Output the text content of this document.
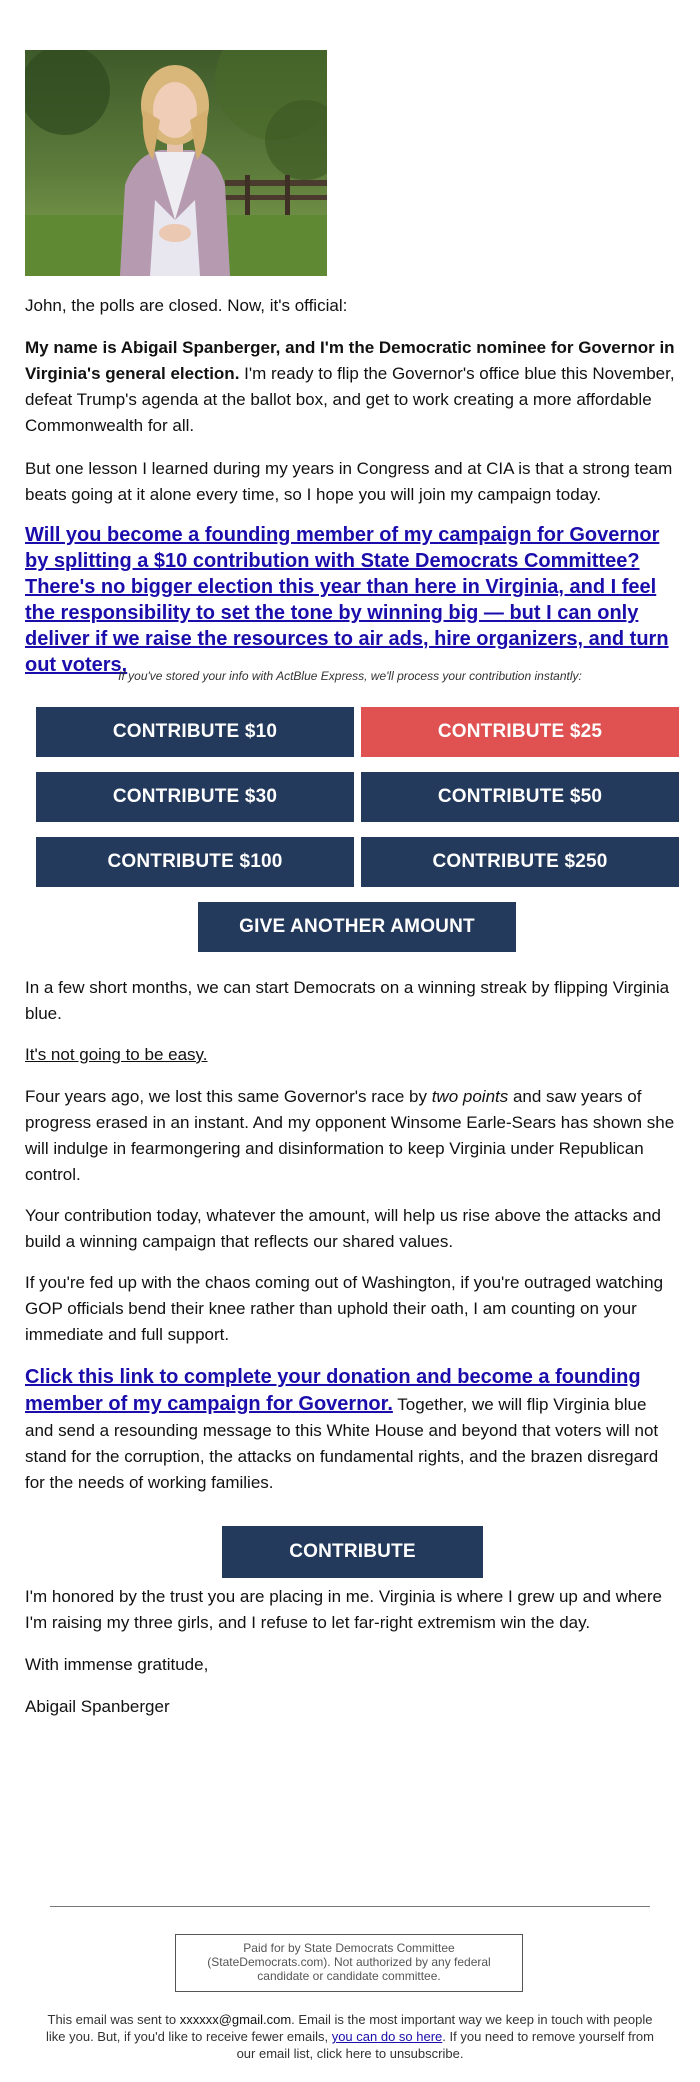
John, the polls are closed. Now, it's official:

My name is Abigail Spanberger, and I'm the Democratic nominee for Governor in Virginia's general election. I'm ready to flip the Governor's office blue this November, defeat Trump's agenda at the ballot box, and get to work creating a more affordable Commonwealth for all.

But one lesson I learned during my years in Congress and at CIA is that a strong team beats going at it alone every time, so I hope you will join my campaign today.

Will you become a founding member of my campaign for Governor by splitting a $10 contribution with State Democrats Committee? There's no bigger election this year than here in Virginia, and I feel the responsibility to set the tone by winning big — but I can only deliver if we raise the resources to air ads, hire organizers, and turn out voters.
If you've stored your info with ActBlue Express, we'll process your contribution instantly:
CONTRIBUTE $10	CONTRIBUTE $25
CONTRIBUTE $30	CONTRIBUTE $50
CONTRIBUTE $100	CONTRIBUTE $250
GIVE ANOTHER AMOUNT

In a few short months, we can start Democrats on a winning streak by flipping Virginia blue.

It's not going to be easy.

Four years ago, we lost this same Governor's race by two points and saw years of progress erased in an instant. And my opponent Winsome Earle-Sears has shown she will indulge in fearmongering and disinformation to keep Virginia under Republican control.

Your contribution today, whatever the amount, will help us rise above the attacks and build a winning campaign that reflects our shared values.

If you're fed up with the chaos coming out of Washington, if you're outraged watching GOP officials bend their knee rather than uphold their oath, I am counting on your immediate and full support.

Click this link to complete your donation and become a founding member of my campaign for Governor. Together, we will flip Virginia blue and send a resounding message to this White House and beyond that voters will not stand for the corruption, the attacks on fundamental rights, and the brazen disregard for the needs of working families.

CONTRIBUTE

I'm honored by the trust you are placing in me. Virginia is where I grew up and where I'm raising my three girls, and I refuse to let far-right extremism win the day.

With immense gratitude,

Abigail Spanberger

Paid for by State Democrats Committee (StateDemocrats.com). Not authorized by any federal candidate or candidate committee.
This email was sent to xxxxxx@gmail.com. Email is the most important way we keep in touch with people like you. But, if you'd like to receive fewer emails, you can do so here. If you need to remove yourself from our email list, click here to unsubscribe.
